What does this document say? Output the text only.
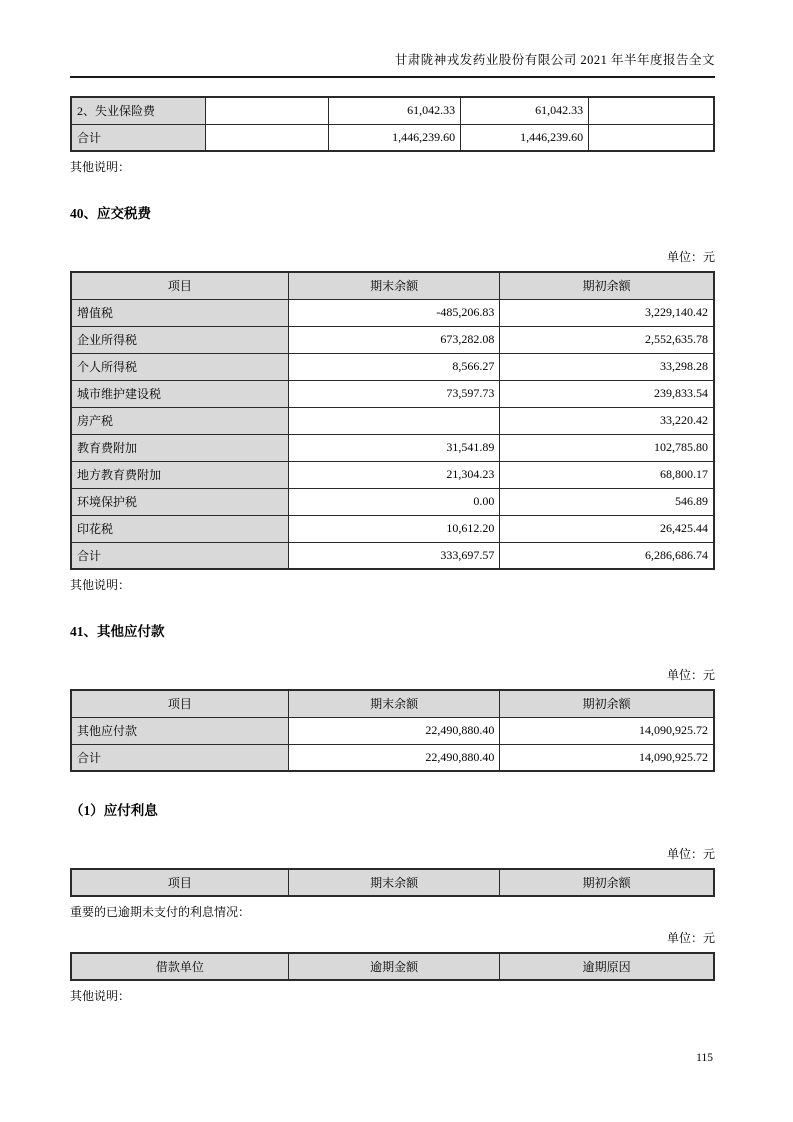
甘肃陇神戎发药业股份有限公司 2021 年半年度报告全文
2、失业保险费		61,042.33	61,042.33	
合计		1,446,239.60	1,446,239.60	
其他说明：
40、应交税费
单位：元
项目	期末余额	期初余额
增值税	-485,206.83	3,229,140.42
企业所得税	673,282.08	2,552,635.78
个人所得税	8,566.27	33,298.28
城市维护建设税	73,597.73	239,833.54
房产税		33,220.42
教育费附加	31,541.89	102,785.80
地方教育费附加	21,304.23	68,800.17
环境保护税	0.00	546.89
印花税	10,612.20	26,425.44
合计	333,697.57	6,286,686.74
其他说明：
41、其他应付款
单位：元
项目	期末余额	期初余额
其他应付款	22,490,880.40	14,090,925.72
合计	22,490,880.40	14,090,925.72
（1）应付利息
单位：元
项目	期末余额	期初余额
重要的已逾期未支付的利息情况：
单位：元
借款单位	逾期金额	逾期原因
其他说明：
115
